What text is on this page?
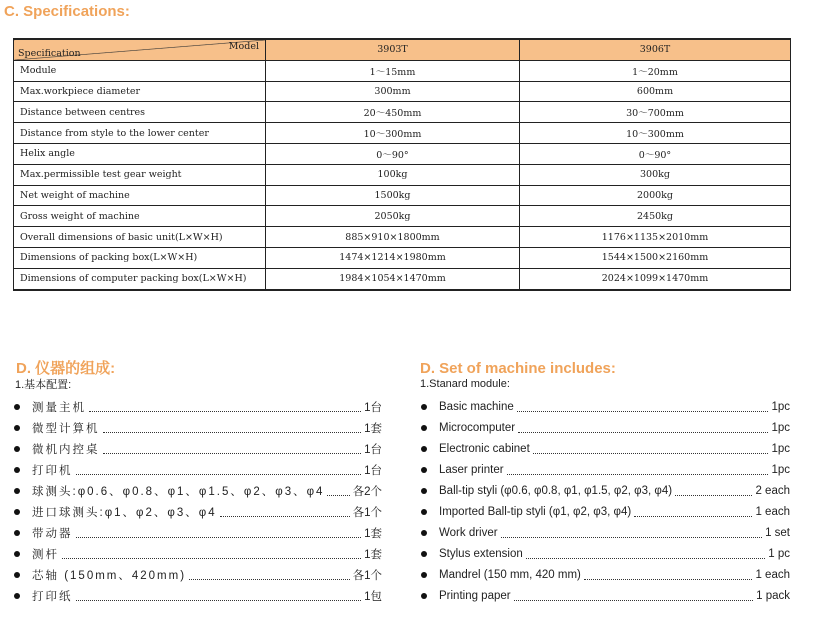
C. Specifications:
Model
Specification	3903T	3906T
Module	1～15mm	1～20mm
Max.workpiece diameter	300mm	600mm
Distance between centres	20～450mm	30～700mm
Distance from style to the lower center	10～300mm	10～300mm
Helix angle	0～90°	0～90°
Max.permissible test gear weight	100kg	300kg
Net weight of machine	1500kg	2000kg
Gross weight of machine	2050kg	2450kg
Overall dimensions of basic unit(L×W×H)	885×910×1800mm	1176×1135×2010mm
Dimensions of packing box(L×W×H)	1474×1214×1980mm	1544×1500×2160mm
Dimensions of computer packing box(L×W×H)	1984×1054×1470mm	2024×1099×1470mm
D. 仪器的组成:
1.基本配置:
测量主机	1台
微型计算机	1套
微机内控桌	1台
打印机	1台
球测头:φ0.6、φ0.8、φ1、φ1.5、φ2、φ3、φ4 各2个
进口球测头:φ1、φ2、φ3、φ4	各1个
带动器	1套
测杆	1套
芯轴 (150mm、420mm)	各1个
打印纸	1包
D. Set of machine includes:
1.Stanard module:
Basic machine	1pc
Microcomputer	1pc
Electronic cabinet	1pc
Laser printer	1pc
Ball-tip styli (φ0.6, φ0.8, φ1, φ1.5, φ2, φ3, φ4)	2 each
Imported Ball-tip styli (φ1, φ2, φ3, φ4)	1 each
Work driver	1 set
Stylus extension	1 pc
Mandrel (150 mm, 420 mm)	1 each
Printing paper	1 pack
